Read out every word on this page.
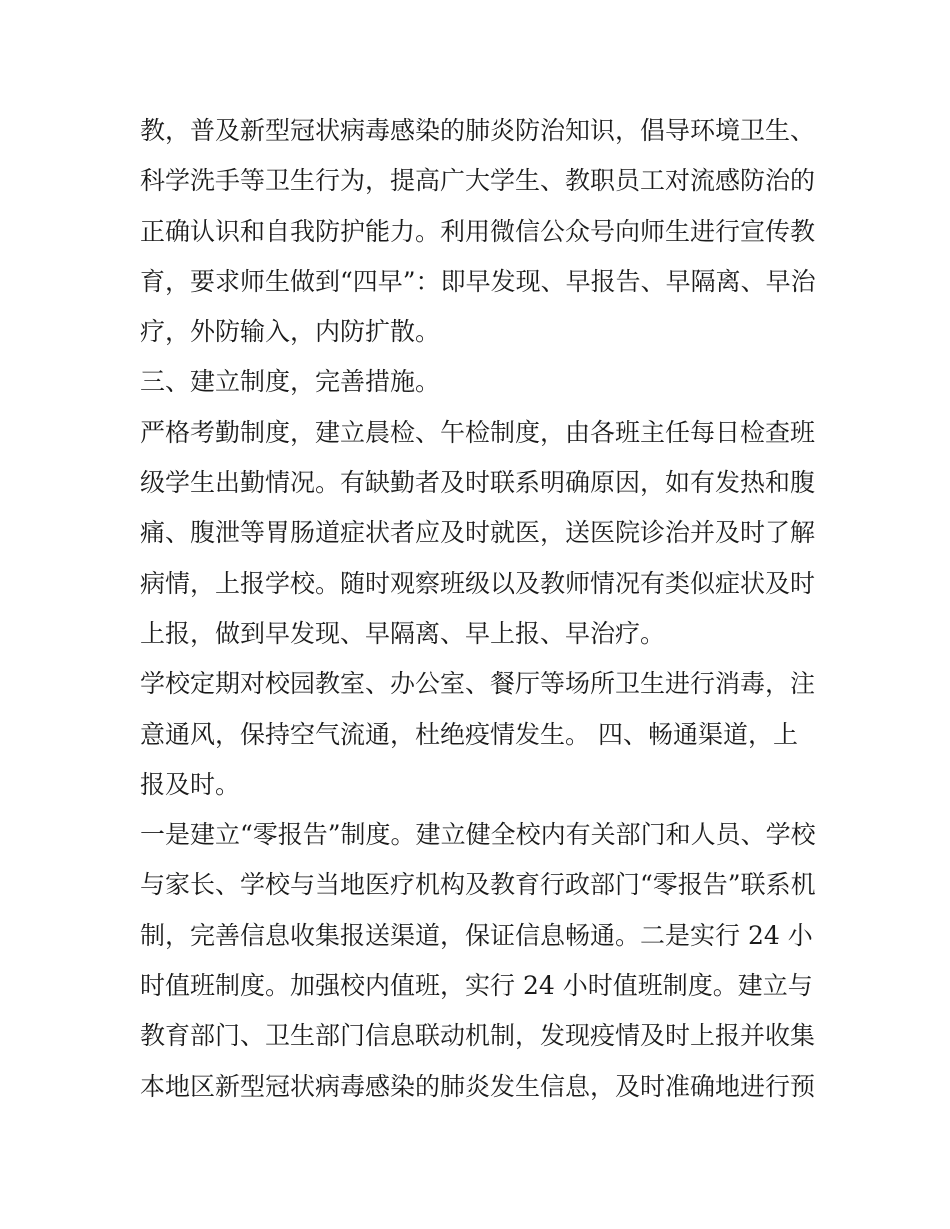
教，普及新型冠状病毒感染的肺炎防治知识，倡导环境卫生、
科学洗手等卫生行为，提高广大学生、教职员工对流感防治的
正确认识和自我防护能力。利用微信公众号向师生进行宣传教
育，要求师生做到“四早”：即早发现、早报告、早隔离、早治
疗，外防输入，内防扩散。
三、建立制度，完善措施。
严格考勤制度，建立晨检、午检制度，由各班主任每日检查班
级学生出勤情况。有缺勤者及时联系明确原因，如有发热和腹
痛、腹泄等胃肠道症状者应及时就医，送医院诊治并及时了解
病情，上报学校。随时观察班级以及教师情况有类似症状及时
上报，做到早发现、早隔离、早上报、早治疗。
学校定期对校园教室、办公室、餐厅等场所卫生进行消毒，注
意通风，保持空气流通，杜绝疫情发生。 四、畅通渠道，上
报及时。
一是建立“零报告”制度。建立健全校内有关部门和人员、学校
与家长、学校与当地医疗机构及教育行政部门“零报告”联系机
制，完善信息收集报送渠道，保证信息畅通。二是实行 24 小
时值班制度。加强校内值班，实行 24 小时值班制度。建立与
教育部门、卫生部门信息联动机制，发现疫情及时上报并收集
本地区新型冠状病毒感染的肺炎发生信息，及时准确地进行预
